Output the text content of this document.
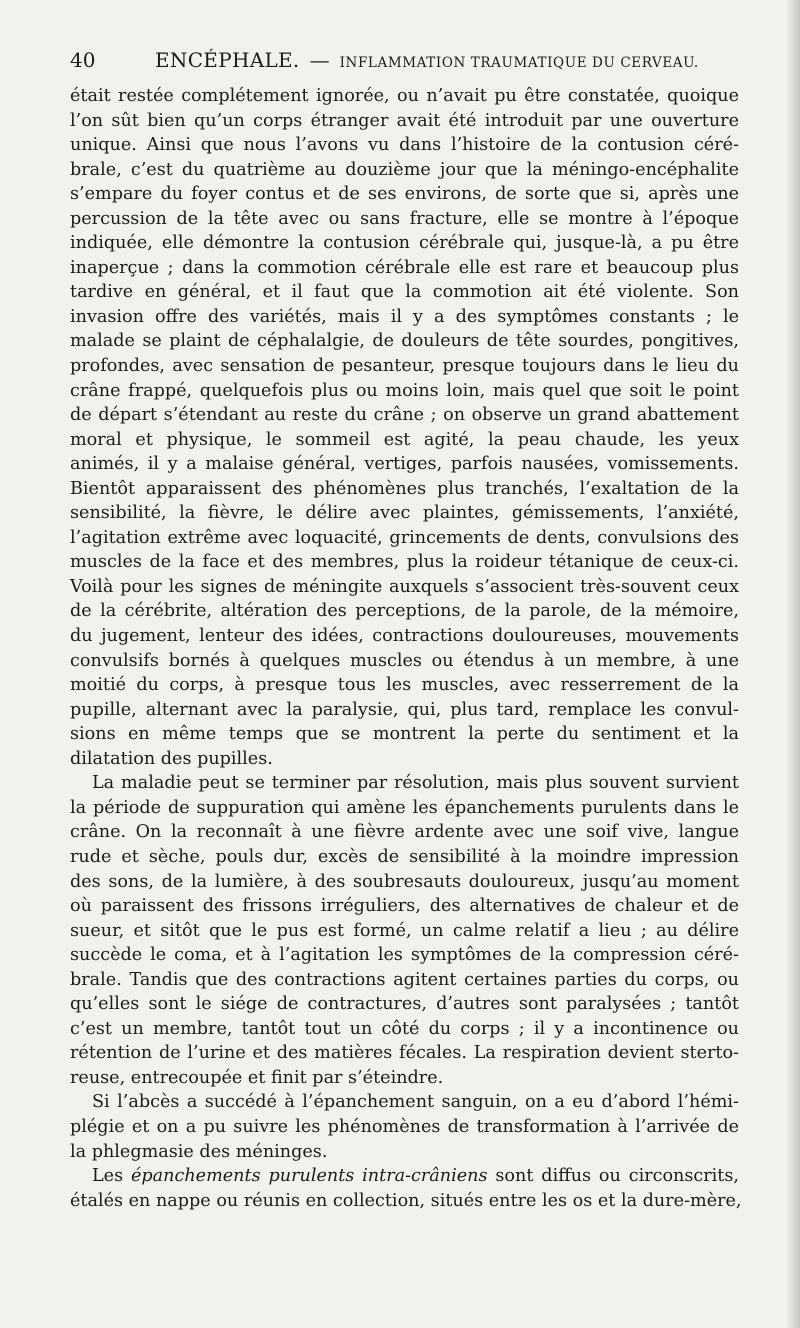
40	ENCÉPHALE. — INFLAMMATION TRAUMATIQUE DU CERVEAU.
était restée complétement ignorée, ou n’avait pu être constatée, quoique
l’on sût bien qu’un corps étranger avait été introduit par une ouverture
unique. Ainsi que nous l’avons vu dans l’histoire de la contusion céré-
brale, c’est du quatrième au douzième jour que la méningo-encéphalite
s’empare du foyer contus et de ses environs, de sorte que si, après une
percussion de la tête avec ou sans fracture, elle se montre à l’époque
indiquée, elle démontre la contusion cérébrale qui, jusque-là, a pu être
inaperçue ; dans la commotion cérébrale elle est rare et beaucoup plus
tardive en général, et il faut que la commotion ait été violente. Son
invasion offre des variétés, mais il y a des symptômes constants ; le
malade se plaint de céphalalgie, de douleurs de tête sourdes, pongitives,
profondes, avec sensation de pesanteur, presque toujours dans le lieu du
crâne frappé, quelquefois plus ou moins loin, mais quel que soit le point
de départ s’étendant au reste du crâne ; on observe un grand abattement
moral et physique, le sommeil est agité, la peau chaude, les yeux
animés, il y a malaise général, vertiges, parfois nausées, vomissements.
Bientôt apparaissent des phénomènes plus tranchés, l’exaltation de la
sensibilité, la fièvre, le délire avec plaintes, gémissements, l’anxiété,
l’agitation extrême avec loquacité, grincements de dents, convulsions des
muscles de la face et des membres, plus la roideur tétanique de ceux-ci.
Voilà pour les signes de méningite auxquels s’associent très-souvent ceux
de la cérébrite, altération des perceptions, de la parole, de la mémoire,
du jugement, lenteur des idées, contractions douloureuses, mouvements
convulsifs bornés à quelques muscles ou étendus à un membre, à une
moitié du corps, à presque tous les muscles, avec resserrement de la
pupille, alternant avec la paralysie, qui, plus tard, remplace les convul-
sions en même temps que se montrent la perte du sentiment et la
dilatation des pupilles.
La maladie peut se terminer par résolution, mais plus souvent survient
la période de suppuration qui amène les épanchements purulents dans le
crâne. On la reconnaît à une fièvre ardente avec une soif vive, langue
rude et sèche, pouls dur, excès de sensibilité à la moindre impression
des sons, de la lumière, à des soubresauts douloureux, jusqu’au moment
où paraissent des frissons irréguliers, des alternatives de chaleur et de
sueur, et sitôt que le pus est formé, un calme relatif a lieu ; au délire
succède le coma, et à l’agitation les symptômes de la compression céré-
brale. Tandis que des contractions agitent certaines parties du corps, ou
qu’elles sont le siége de contractures, d’autres sont paralysées ; tantôt
c’est un membre, tantôt tout un côté du corps ; il y a incontinence ou
rétention de l’urine et des matières fécales. La respiration devient sterto-
reuse, entrecoupée et finit par s’éteindre.
Si l’abcès a succédé à l’épanchement sanguin, on a eu d’abord l’hémi-
plégie et on a pu suivre les phénomènes de transformation à l’arrivée de
la phlegmasie des méninges.
Les épanchements purulents intra-crâniens sont diffus ou circonscrits,
étalés en nappe ou réunis en collection, situés entre les os et la dure-mère,
